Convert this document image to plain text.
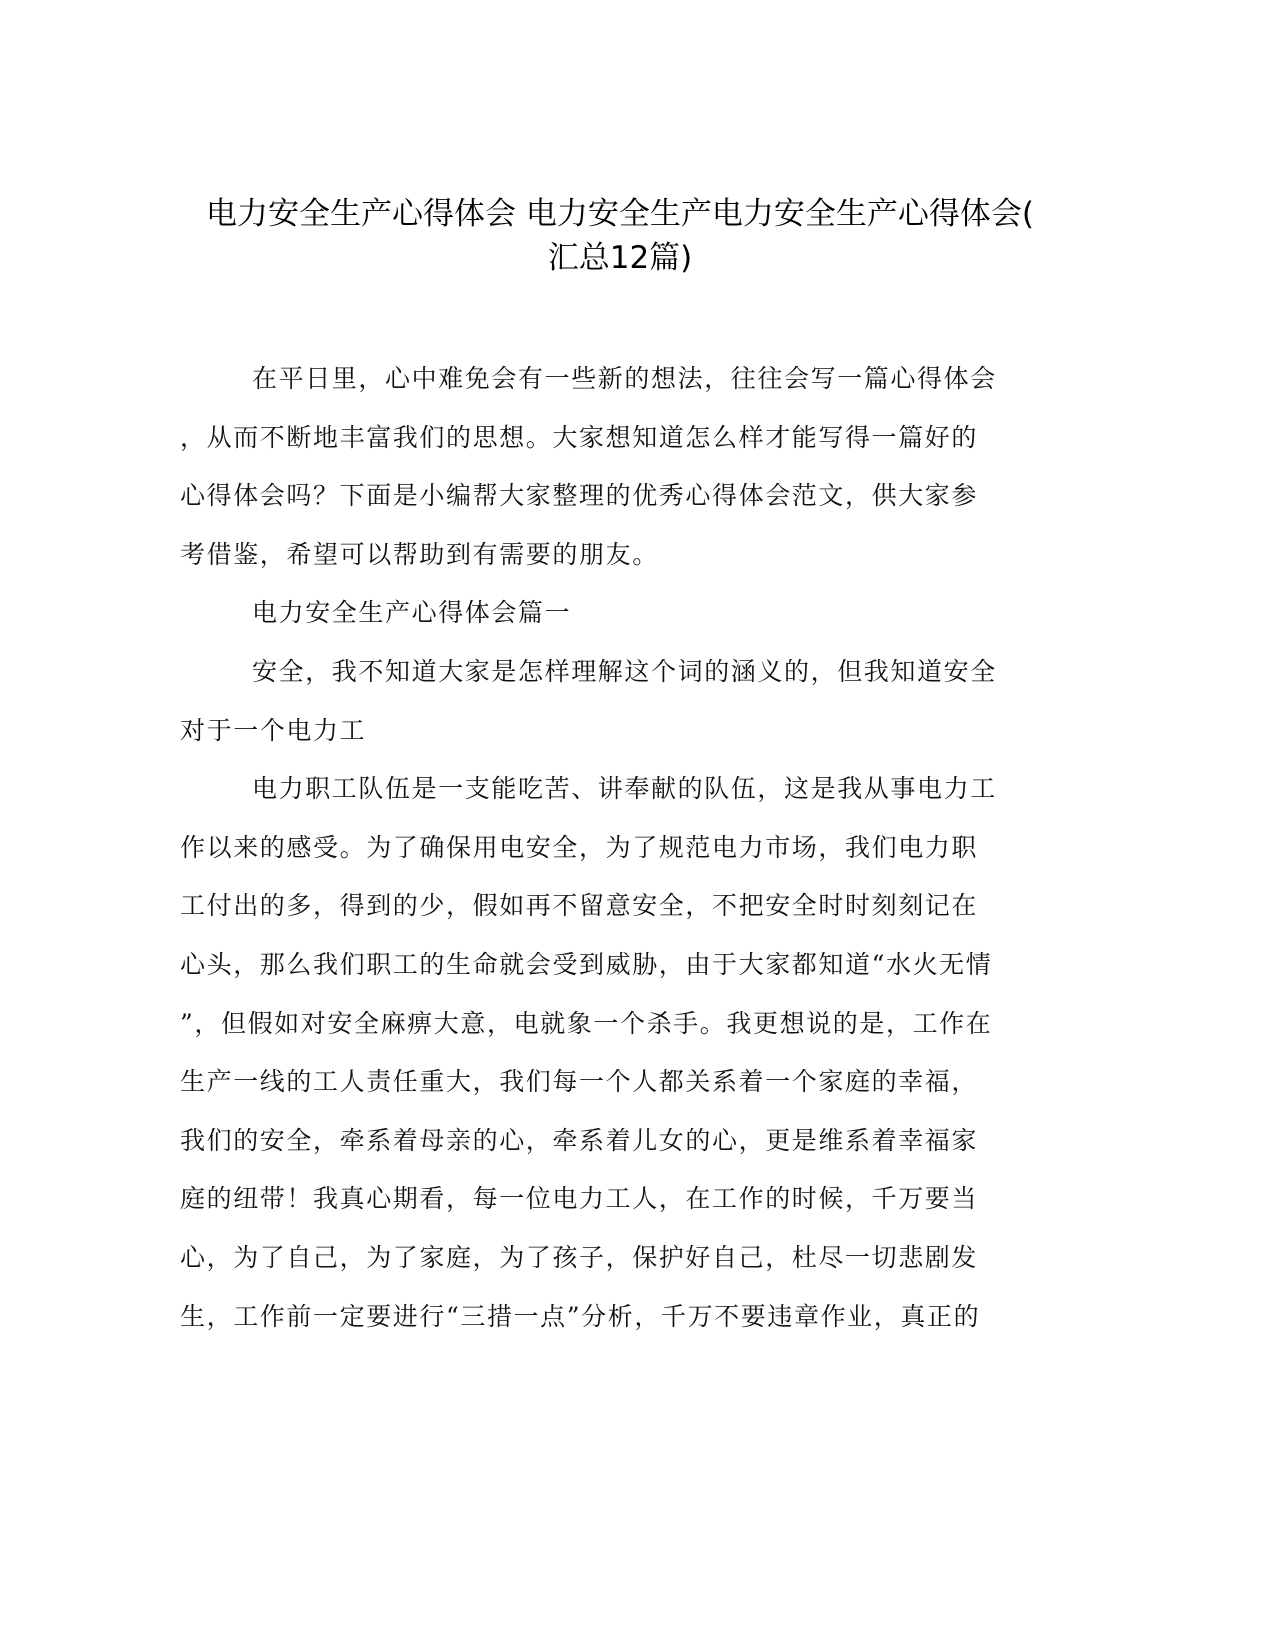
电力安全生产心得体会 电力安全生产电力安全生产心得体会(
汇总12篇)
在平日里，心中难免会有一些新的想法，往往会写一篇心得体会
，从而不断地丰富我们的思想。大家想知道怎么样才能写得一篇好的
心得体会吗？下面是小编帮大家整理的优秀心得体会范文，供大家参
考借鉴，希望可以帮助到有需要的朋友。
电力安全生产心得体会篇一
安全，我不知道大家是怎样理解这个词的涵义的，但我知道安全
对于一个电力工
电力职工队伍是一支能吃苦、讲奉献的队伍，这是我从事电力工
作以来的感受。为了确保用电安全，为了规范电力市场，我们电力职
工付出的多，得到的少，假如再不留意安全，不把安全时时刻刻记在
心头，那么我们职工的生命就会受到威胁，由于大家都知道“水火无情
”，但假如对安全麻痹大意，电就象一个杀手。我更想说的是，工作在
生产一线的工人责任重大，我们每一个人都关系着一个家庭的幸福，
我们的安全，牵系着母亲的心，牵系着儿女的心，更是维系着幸福家
庭的纽带！我真心期看，每一位电力工人，在工作的时候，千万要当
心，为了自己，为了家庭，为了孩子，保护好自己，杜尽一切悲剧发
生，工作前一定要进行“三措一点”分析，千万不要违章作业，真正的
